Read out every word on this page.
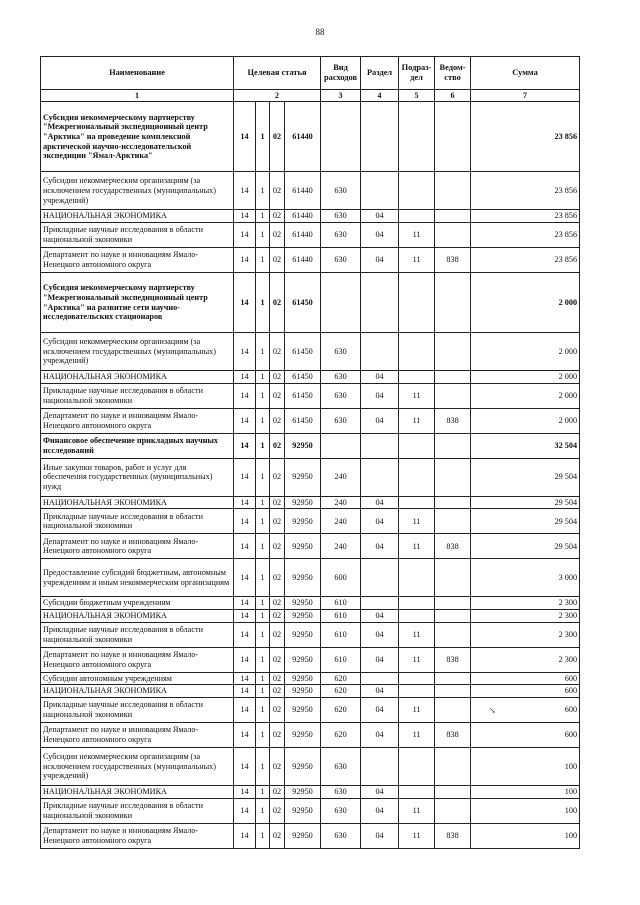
88
Наименование	Целевая статья				Вид расходов	Раздел	Подраз-дел	Ведом-ство	Сумма
1	2				3	4	5	6	7
Субсидия некоммерческому партнерству "Межрегиональный экспедиционный центр "Арктика" на проведение комплексной арктической научно-исследовательской экспедиции "Ямал-Арктика"	14	1	02	61440					23 856
Субсидии некоммерческим организациям (за исключением государственных (муниципальных) учреждений)	14	1	02	61440	630				23 856
НАЦИОНАЛЬНАЯ ЭКОНОМИКА	14	1	02	61440	630	04			23 856
Прикладные научные исследования в области национальной экономики	14	1	02	61440	630	04	11		23 856
Департамент по науке и инновациям Ямало-Ненецкого автономного округа	14	1	02	61440	630	04	11	838	23 856
Субсидия некоммерческому партнерству "Межрегиональный экспедиционный центр "Арктика" на развитие сети научно-исследовательских стационаров	14	1	02	61450					2 000
Субсидии некоммерческим организациям (за исключением государственных (муниципальных) учреждений)	14	1	02	61450	630				2 000
НАЦИОНАЛЬНАЯ ЭКОНОМИКА	14	1	02	61450	630	04			2 000
Прикладные научные исследования в области национальной экономики	14	1	02	61450	630	04	11		2 000
Департамент по науке и инновациям Ямало-Ненецкого автономного округа	14	1	02	61450	630	04	11	838	2 000
Финансовое обеспечение прикладных научных исследований	14	1	02	92950					32 504
Иные закупки товаров, работ и услуг для обеспечения государственных (муниципальных) нужд	14	1	02	92950	240				29 504
НАЦИОНАЛЬНАЯ ЭКОНОМИКА	14	1	02	92950	240	04			29 504
Прикладные научные исследования в области национальной экономики	14	1	02	92950	240	04	11		29 504
Департамент по науке и инновациям Ямало-Ненецкого автономного округа	14	1	02	92950	240	04	11	838	29 504
Предоставление субсидий бюджетным, автономным учреждениям и иным некоммерческим организациям	14	1	02	92950	600				3 000
Субсидии бюджетным учреждениям	14	1	02	92950	610				2 300
НАЦИОНАЛЬНАЯ ЭКОНОМИКА	14	1	02	92950	610	04			2 300
Прикладные научные исследования в области национальной экономики	14	1	02	92950	610	04	11		2 300
Департамент по науке и инновациям Ямало-Ненецкого автономного округа	14	1	02	92950	610	04	11	838	2 300
Субсидии автономным учреждениям	14	1	02	92950	620				600
НАЦИОНАЛЬНАЯ ЭКОНОМИКА	14	1	02	92950	620	04			600
Прикладные научные исследования в области национальной экономики	14	1	02	92950	620	04	11		600
Департамент по науке и инновациям Ямало-Ненецкого автономного округа	14	1	02	92950	620	04	11	838	600
Субсидии некоммерческим организациям (за исключением государственных (муниципальных) учреждений)	14	1	02	92950	630				100
НАЦИОНАЛЬНАЯ ЭКОНОМИКА	14	1	02	92950	630	04			100
Прикладные научные исследования в области национальной экономики	14	1	02	92950	630	04	11		100
Департамент по науке и инновациям Ямало-Ненецкого автономного округа	14	1	02	92950	630	04	11	838	100
↘
